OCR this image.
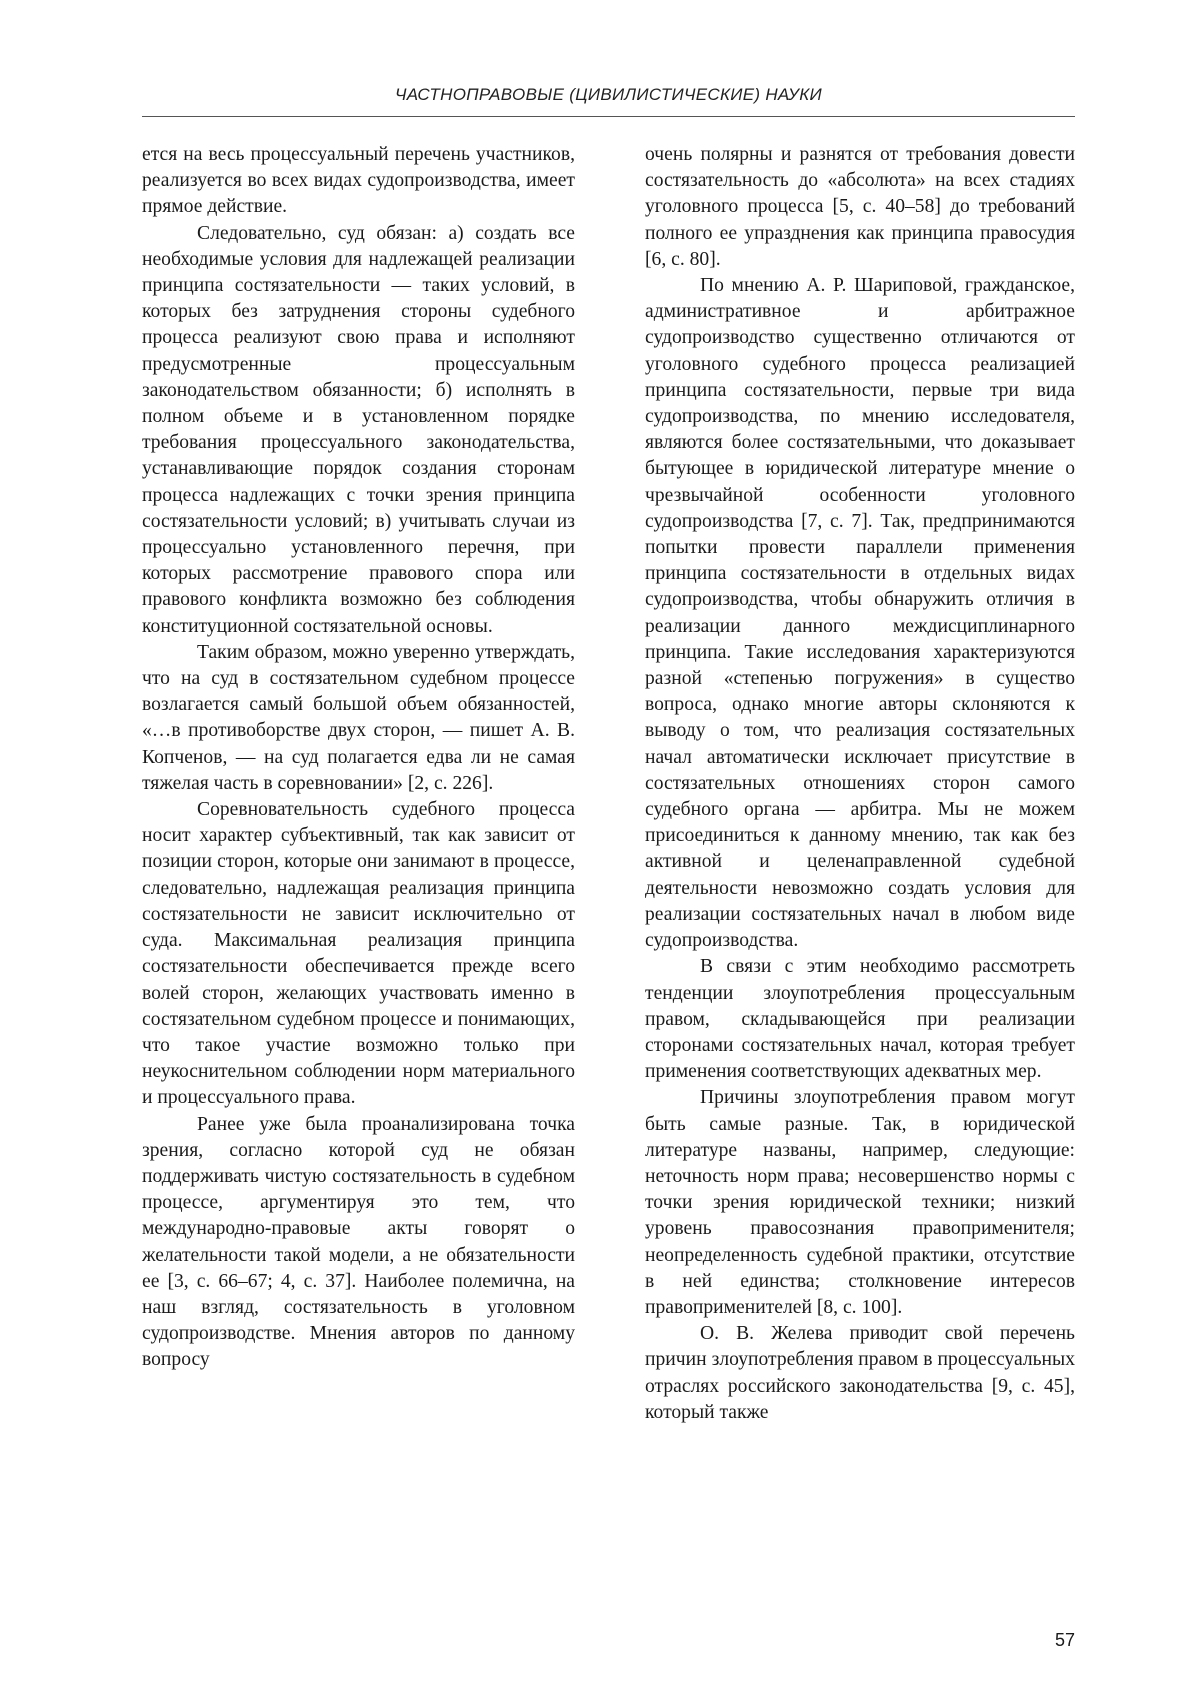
ЧАСТНОПРАВОВЫЕ (ЦИВИЛИСТИЧЕСКИЕ) НАУКИ

ется на весь процессуальный перечень участников, реализуется во всех видах судопроизводства, имеет прямое действие.

Следовательно, суд обязан: а) создать все необходимые условия для надлежащей реализации принципа состязательности — таких условий, в которых без затруднения стороны судебного процесса реализуют свою права и исполняют предусмотренные процессуальным законодательством обязанности; б) исполнять в полном объеме и в установленном порядке требования процессуального законодательства, устанавливающие порядок создания сторонам процесса надлежащих с точки зрения принципа состязательности условий; в) учитывать случаи из процессуально установленного перечня, при которых рассмотрение правового спора или правового конфликта возможно без соблюдения конституционной состязательной основы.

Таким образом, можно уверенно утверждать, что на суд в состязательном судебном процессе возлагается самый большой объем обязанностей, «…в противоборстве двух сторон, — пишет А. В. Копченов, — на суд полагается едва ли не самая тяжелая часть в соревновании» [2, с. 226].

Соревновательность судебного процесса носит характер субъективный, так как зависит от позиции сторон, которые они занимают в процессе, следовательно, надлежащая реализация принципа состязательности не зависит исключительно от суда. Максимальная реализация принципа состязательности обеспечивается прежде всего волей сторон, желающих участвовать именно в состязательном судебном процессе и понимающих, что такое участие возможно только при неукоснительном соблюдении норм материального и процессуального права.

Ранее уже была проанализирована точка зрения, согласно которой суд не обязан поддерживать чистую состязательность в судебном процессе, аргументируя это тем, что международно-правовые акты говорят о желательности такой модели, а не обязательности ее [3, с. 66–67; 4, с. 37]. Наиболее полемична, на наш взгляд, состязательность в уголовном судопроизводстве. Мнения авторов по данному вопросу

очень полярны и разнятся от требования довести состязательность до «абсолюта» на всех стадиях уголовного процесса [5, с. 40–58] до требований полного ее упразднения как принципа правосудия [6, с. 80].

По мнению А. Р. Шариповой, гражданское, административное и арбитражное судопроизводство существенно отличаются от уголовного судебного процесса реализацией принципа состязательности, первые три вида судопроизводства, по мнению исследователя, являются более состязательными, что доказывает бытующее в юридической литературе мнение о чрезвычайной особенности уголовного судопроизводства [7, с. 7]. Так, предпринимаются попытки провести параллели применения принципа состязательности в отдельных видах судопроизводства, чтобы обнаружить отличия в реализации данного междисциплинарного принципа. Такие исследования характеризуются разной «степенью погружения» в существо вопроса, однако многие авторы склоняются к выводу о том, что реализация состязательных начал автоматически исключает присутствие в состязательных отношениях сторон самого судебного органа — арбитра. Мы не можем присоединиться к данному мнению, так как без активной и целенаправленной судебной деятельности невозможно создать условия для реализации состязательных начал в любом виде судопроизводства.

В связи с этим необходимо рассмотреть тенденции злоупотребления процессуальным правом, складывающейся при реализации сторонами состязательных начал, которая требует применения соответствующих адекватных мер.

Причины злоупотребления правом могут быть самые разные. Так, в юридической литературе названы, например, следующие: неточность норм права; несовершенство нормы с точки зрения юридической техники; низкий уровень правосознания правоприменителя; неопределенность судебной практики, отсутствие в ней единства; столкновение интересов правоприменителей [8, с. 100].

О. В. Желева приводит свой перечень причин злоупотребления правом в процессуальных отраслях российского законодательства [9, с. 45], который также

57
